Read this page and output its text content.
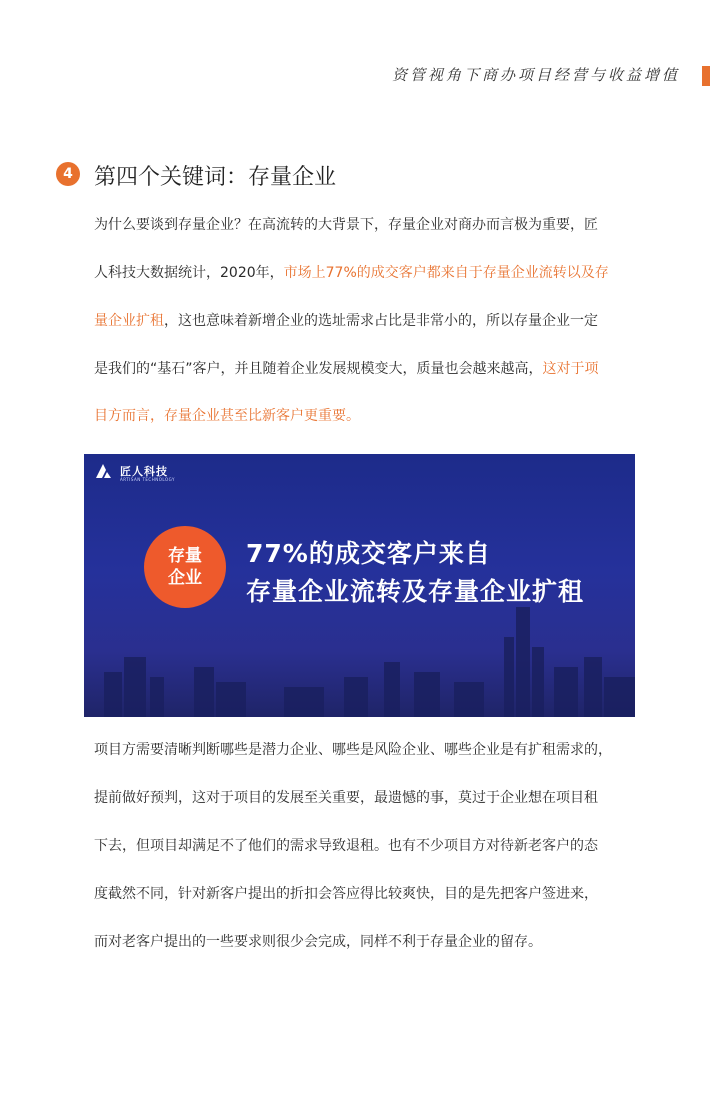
资管视角下商办项目经营与收益增值
4 第四个关键词：存量企业

为什么要谈到存量企业？在高流转的大背景下，存量企业对商办而言极为重要，匠

人科技大数据统计，2020年，市场上77%的成交客户都来自于存量企业流转以及存

量企业扩租，这也意味着新增企业的选址需求占比是非常小的，所以存量企业一定

是我们的“基石”客户，并且随着企业发展规模变大，质量也会越来越高，这对于项

目方而言，存量企业甚至比新客户更重要。

匠人科技
ARTISAN TECHNOLOGY
存量
企业
77%的成交客户来自
存量企业流转及存量企业扩租

项目方需要清晰判断哪些是潜力企业、哪些是风险企业、哪些企业是有扩租需求的，

提前做好预判，这对于项目的发展至关重要，最遗憾的事，莫过于企业想在项目租

下去，但项目却满足不了他们的需求导致退租。也有不少项目方对待新老客户的态

度截然不同，针对新客户提出的折扣会答应得比较爽快，目的是先把客户签进来，

而对老客户提出的一些要求则很少会完成，同样不利于存量企业的留存。
